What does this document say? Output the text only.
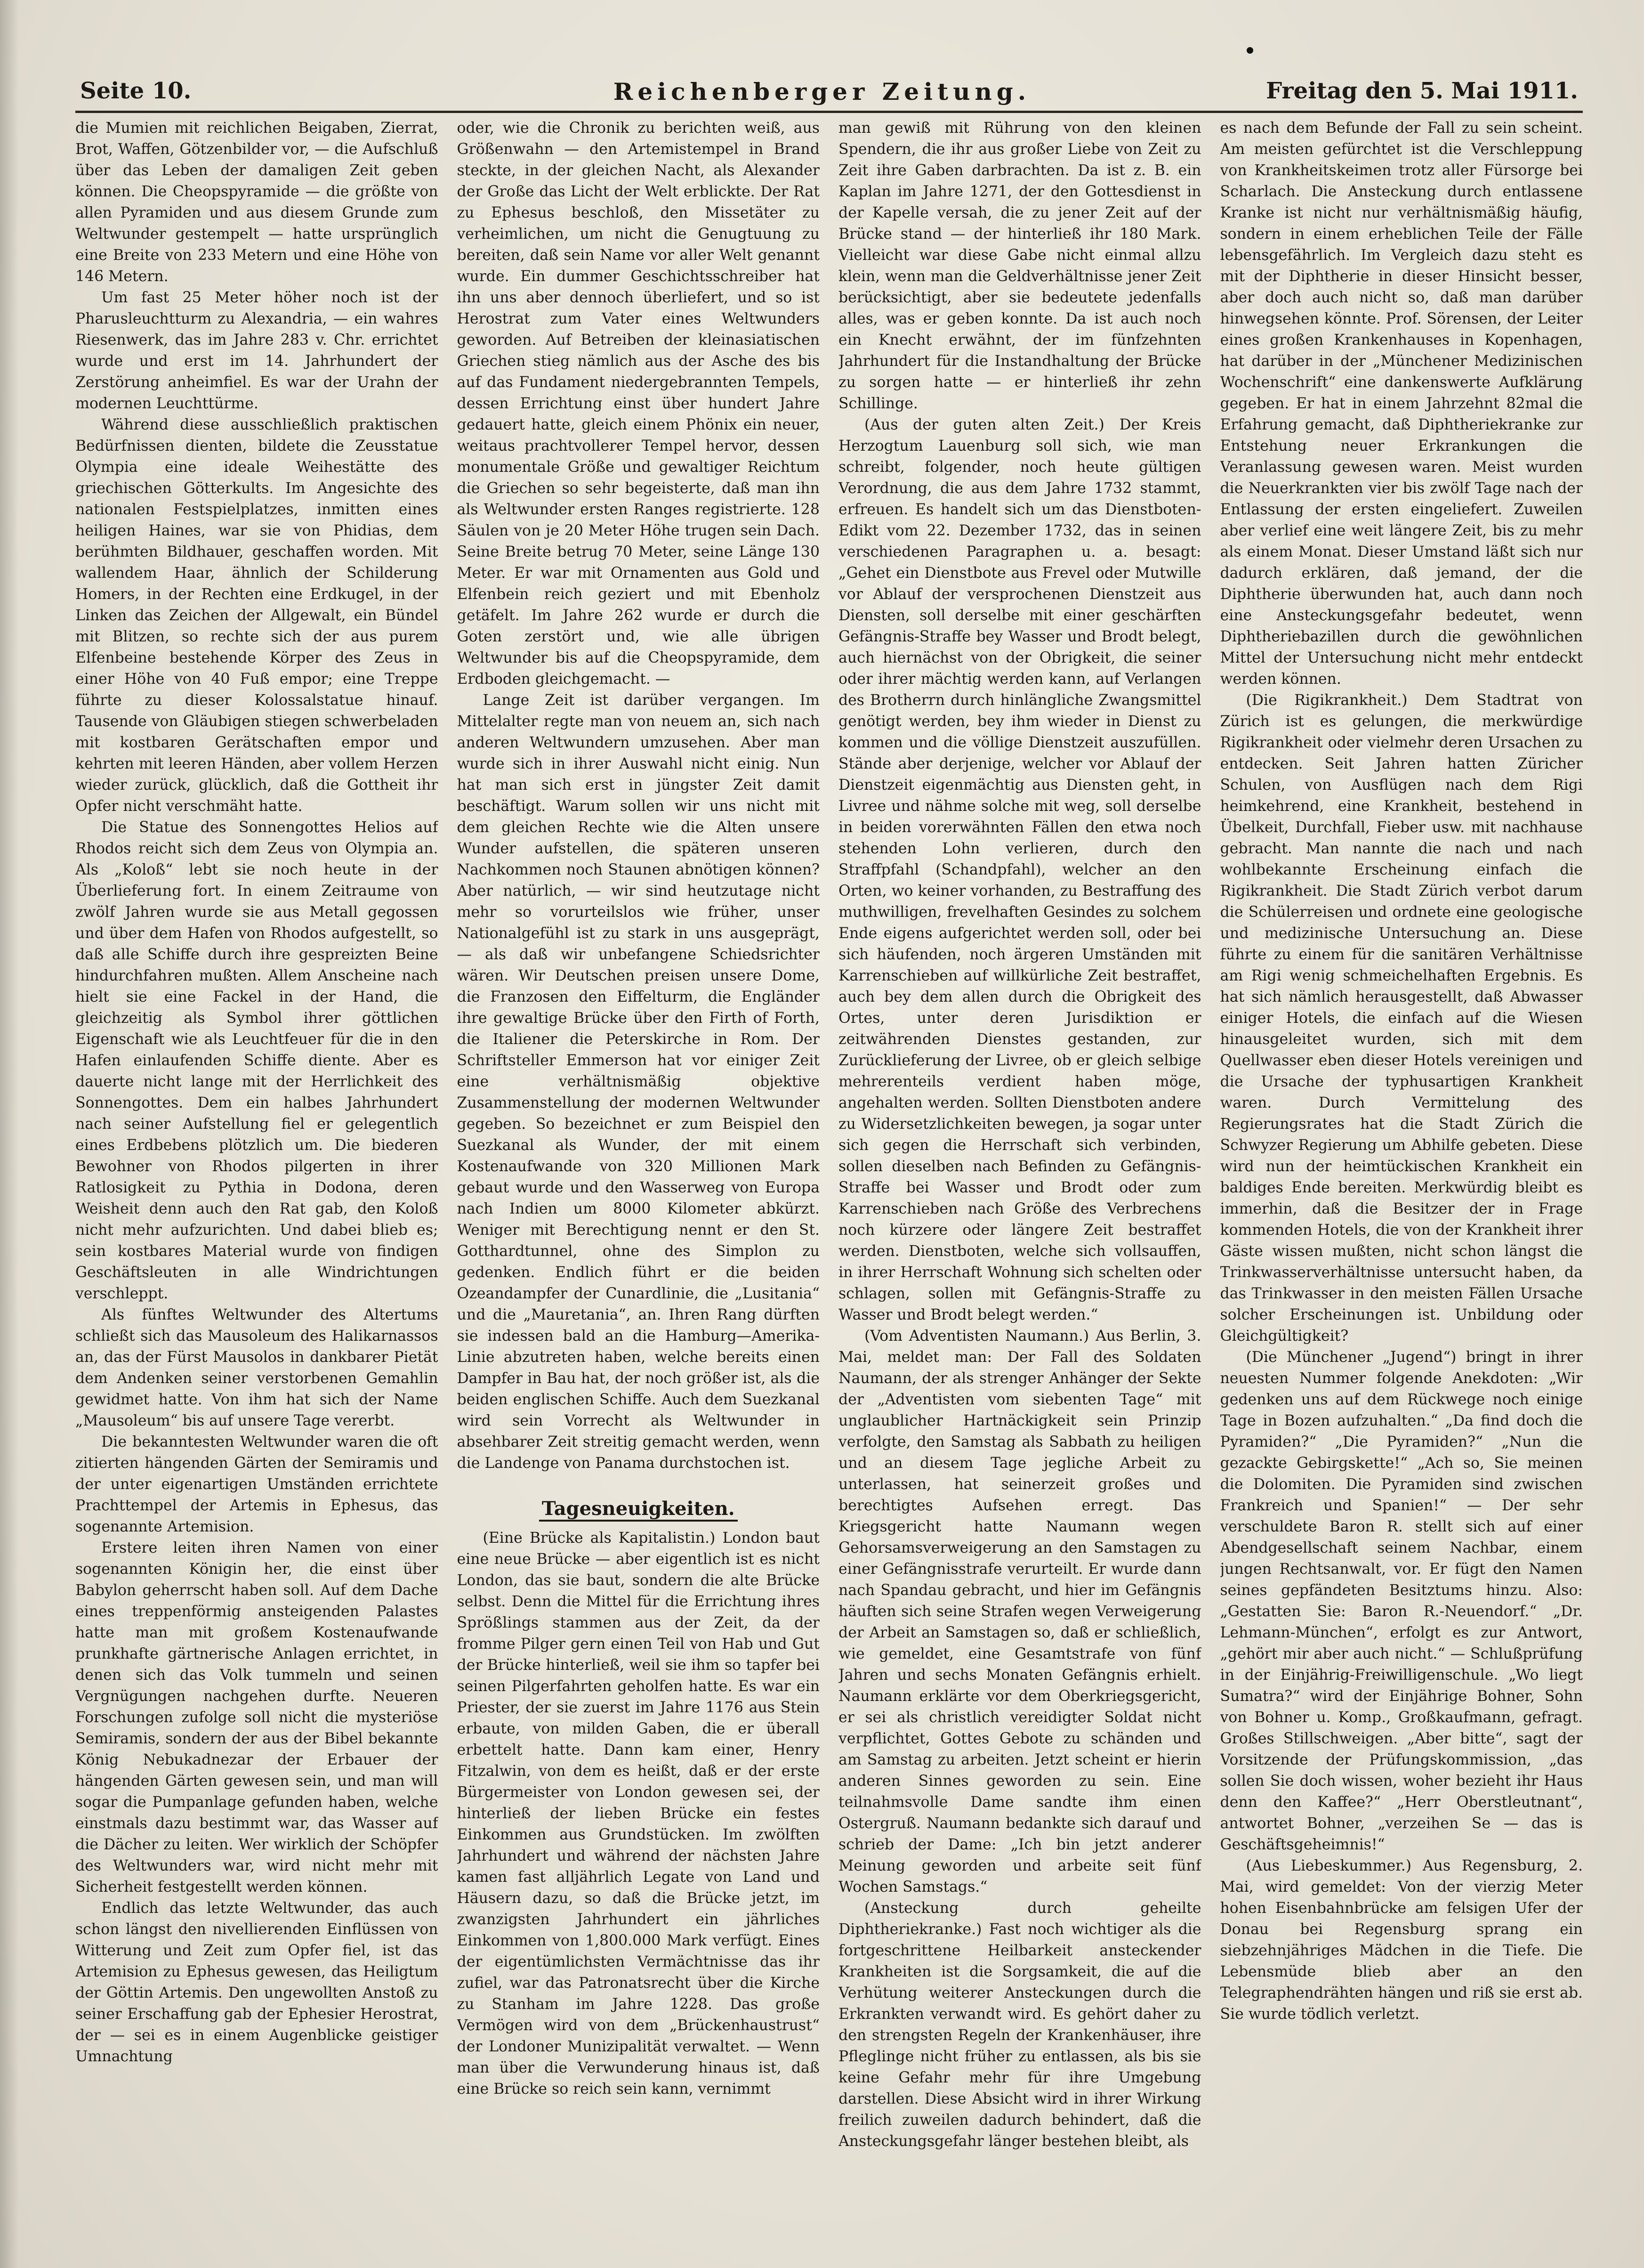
Seite 10.	Reichenberger Zeitung.	Freitag den 5. Mai 1911.

die Mumien mit reichlichen Beigaben, Zierrat, Brot, Waffen, Götzenbilder vor, — die Aufschluß über das Leben der damaligen Zeit geben können. Die Cheopspyramide — die größte von allen Pyramiden und aus diesem Grunde zum Weltwunder gestempelt — hatte ursprünglich eine Breite von 233 Metern und eine Höhe von 146 Metern.

Um fast 25 Meter höher noch ist der Pharusleuchtturm zu Alexandria, — ein wahres Riesenwerk, das im Jahre 283 v. Chr. errichtet wurde und erst im 14. Jahrhundert der Zerstörung anheimfiel. Es war der Urahn der modernen Leuchttürme.

Während diese ausschließlich praktischen Bedürfnissen dienten, bildete die Zeusstatue Olympia eine ideale Weihestätte des griechischen Götterkults. Im Angesichte des nationalen Festspielplatzes, inmitten eines heiligen Haines, war sie von Phidias, dem berühmten Bildhauer, geschaffen worden. Mit wallendem Haar, ähnlich der Schilderung Homers, in der Rechten eine Erdkugel, in der Linken das Zeichen der Allgewalt, ein Bündel mit Blitzen, so rechte sich der aus purem Elfenbeine bestehende Körper des Zeus in einer Höhe von 40 Fuß empor; eine Treppe führte zu dieser Kolossalstatue hinauf. Tausende von Gläubigen stiegen schwerbeladen mit kostbaren Gerätschaften empor und kehrten mit leeren Händen, aber vollem Herzen wieder zurück, glücklich, daß die Gottheit ihr Opfer nicht verschmäht hatte.

Die Statue des Sonnengottes Helios auf Rhodos reicht sich dem Zeus von Olympia an. Als „Koloß“ lebt sie noch heute in der Überlieferung fort. In einem Zeitraume von zwölf Jahren wurde sie aus Metall gegossen und über dem Hafen von Rhodos aufgestellt, so daß alle Schiffe durch ihre gespreizten Beine hindurchfahren mußten. Allem Anscheine nach hielt sie eine Fackel in der Hand, die gleichzeitig als Symbol ihrer göttlichen Eigenschaft wie als Leuchtfeuer für die in den Hafen einlaufenden Schiffe diente. Aber es dauerte nicht lange mit der Herrlichkeit des Sonnengottes. Dem ein halbes Jahrhundert nach seiner Aufstellung fiel er gelegentlich eines Erdbebens plötzlich um. Die biederen Bewohner von Rhodos pilgerten in ihrer Ratlosigkeit zu Pythia in Dodona, deren Weisheit denn auch den Rat gab, den Koloß nicht mehr aufzurichten. Und dabei blieb es; sein kostbares Material wurde von findigen Geschäftsleuten in alle Windrichtungen verschleppt.

Als fünftes Weltwunder des Altertums schließt sich das Mausoleum des Halikarnassos an, das der Fürst Mausolos in dankbarer Pietät dem Andenken seiner verstorbenen Gemahlin gewidmet hatte. Von ihm hat sich der Name „Mausoleum“ bis auf unsere Tage vererbt.

Die bekanntesten Weltwunder waren die oft zitierten hängenden Gärten der Semiramis und der unter eigenartigen Umständen errichtete Prachttempel der Artemis in Ephesus, das sogenannte Artemision.

Erstere leiten ihren Namen von einer sogenannten Königin her, die einst über Babylon geherrscht haben soll. Auf dem Dache eines treppenförmig ansteigenden Palastes hatte man mit großem Kostenaufwande prunkhafte gärtnerische Anlagen errichtet, in denen sich das Volk tummeln und seinen Vergnügungen nachgehen durfte. Neueren Forschungen zufolge soll nicht die mysteriöse Semiramis, sondern der aus der Bibel bekannte König Nebukadnezar der Erbauer der hängenden Gärten gewesen sein, und man will sogar die Pumpanlage gefunden haben, welche einstmals dazu bestimmt war, das Wasser auf die Dächer zu leiten. Wer wirklich der Schöpfer des Weltwunders war, wird nicht mehr mit Sicherheit festgestellt werden können.

Endlich das letzte Weltwunder, das auch schon längst den nivellierenden Einflüssen von Witterung und Zeit zum Opfer fiel, ist das Artemision zu Ephesus gewesen, das Heiligtum der Göttin Artemis. Den ungewollten Anstoß zu seiner Erschaffung gab der Ephesier Herostrat, der — sei es in einem Augenblicke geistiger Umnachtung

oder, wie die Chronik zu berichten weiß, aus Größenwahn — den Artemistempel in Brand steckte, in der gleichen Nacht, als Alexander der Große das Licht der Welt erblickte. Der Rat zu Ephesus beschloß, den Missetäter zu verheimlichen, um nicht die Genugtuung zu bereiten, daß sein Name vor aller Welt genannt wurde. Ein dummer Geschichtsschreiber hat ihn uns aber dennoch überliefert, und so ist Herostrat zum Vater eines Weltwunders geworden. Auf Betreiben der kleinasiatischen Griechen stieg nämlich aus der Asche des bis auf das Fundament niedergebrannten Tempels, dessen Errichtung einst über hundert Jahre gedauert hatte, gleich einem Phönix ein neuer, weitaus prachtvollerer Tempel hervor, dessen monumentale Größe und gewaltiger Reichtum die Griechen so sehr begeisterte, daß man ihn als Weltwunder ersten Ranges registrierte. 128 Säulen von je 20 Meter Höhe trugen sein Dach. Seine Breite betrug 70 Meter, seine Länge 130 Meter. Er war mit Ornamenten aus Gold und Elfenbein reich geziert und mit Ebenholz getäfelt. Im Jahre 262 wurde er durch die Goten zerstört und, wie alle übrigen Weltwunder bis auf die Cheopspyramide, dem Erdboden gleichgemacht. —

Lange Zeit ist darüber vergangen. Im Mittelalter regte man von neuem an, sich nach anderen Weltwundern umzusehen. Aber man wurde sich in ihrer Auswahl nicht einig. Nun hat man sich erst in jüngster Zeit damit beschäftigt. Warum sollen wir uns nicht mit dem gleichen Rechte wie die Alten unsere Wunder aufstellen, die späteren unseren Nachkommen noch Staunen abnötigen können? Aber natürlich, — wir sind heutzutage nicht mehr so vorurteilslos wie früher, unser Nationalgefühl ist zu stark in uns ausgeprägt, — als daß wir unbefangene Schiedsrichter wären. Wir Deutschen preisen unsere Dome, die Franzosen den Eiffelturm, die Engländer ihre gewaltige Brücke über den Firth of Forth, die Italiener die Peterskirche in Rom. Der Schriftsteller Emmerson hat vor einiger Zeit eine verhältnismäßig objektive Zusammenstellung der modernen Weltwunder gegeben. So bezeichnet er zum Beispiel den Suezkanal als Wunder, der mit einem Kostenaufwande von 320 Millionen Mark gebaut wurde und den Wasserweg von Europa nach Indien um 8000 Kilometer abkürzt. Weniger mit Berechtigung nennt er den St. Gotthardtunnel, ohne des Simplon zu gedenken. Endlich führt er die beiden Ozeandampfer der Cunardlinie, die „Lusitania“ und die „Mauretania“, an. Ihren Rang dürften sie indessen bald an die Hamburg—Amerika-Linie abzutreten haben, welche bereits einen Dampfer in Bau hat, der noch größer ist, als die beiden englischen Schiffe. Auch dem Suezkanal wird sein Vorrecht als Weltwunder in absehbarer Zeit streitig gemacht werden, wenn die Landenge von Panama durchstochen ist.

Tagesneuigkeiten.

(Eine Brücke als Kapitalistin.) London baut eine neue Brücke — aber eigentlich ist es nicht London, das sie baut, sondern die alte Brücke selbst. Denn die Mittel für die Errichtung ihres Sprößlings stammen aus der Zeit, da der fromme Pilger gern einen Teil von Hab und Gut der Brücke hinterließ, weil sie ihm so tapfer bei seinen Pilgerfahrten geholfen hatte. Es war ein Priester, der sie zuerst im Jahre 1176 aus Stein erbaute, von milden Gaben, die er überall erbettelt hatte. Dann kam einer, Henry Fitzalwin, von dem es heißt, daß er der erste Bürgermeister von London gewesen sei, der hinterließ der lieben Brücke ein festes Einkommen aus Grundstücken. Im zwölften Jahrhundert und während der nächsten Jahre kamen fast alljährlich Legate von Land und Häusern dazu, so daß die Brücke jetzt, im zwanzigsten Jahrhundert ein jährliches Einkommen von 1,800.000 Mark verfügt. Eines der eigentümlichsten Vermächtnisse das ihr zufiel, war das Patronatsrecht über die Kirche zu Stanham im Jahre 1228. Das große Vermögen wird von dem „Brückenhaustrust“ der Londoner Munizipalität verwaltet. — Wenn man über die Verwunderung hinaus ist, daß eine Brücke so reich sein kann, vernimmt

man gewiß mit Rührung von den kleinen Spendern, die ihr aus großer Liebe von Zeit zu Zeit ihre Gaben darbrachten. Da ist z. B. ein Kaplan im Jahre 1271, der den Gottesdienst in der Kapelle versah, die zu jener Zeit auf der Brücke stand — der hinterließ ihr 180 Mark. Vielleicht war diese Gabe nicht einmal allzu klein, wenn man die Geldverhältnisse jener Zeit berücksichtigt, aber sie bedeutete jedenfalls alles, was er geben konnte. Da ist auch noch ein Knecht erwähnt, der im fünfzehnten Jahrhundert für die Instandhaltung der Brücke zu sorgen hatte — er hinterließ ihr zehn Schillinge.

(Aus der guten alten Zeit.) Der Kreis Herzogtum Lauenburg soll sich, wie man schreibt, folgender, noch heute gültigen Verordnung, die aus dem Jahre 1732 stammt, erfreuen. Es handelt sich um das Dienstboten-Edikt vom 22. Dezember 1732, das in seinen verschiedenen Paragraphen u. a. besagt: „Gehet ein Dienstbote aus Frevel oder Mutwille vor Ablauf der versprochenen Dienstzeit aus Diensten, soll derselbe mit einer geschärften Gefängnis-Straffe bey Wasser und Brodt belegt, auch hiernächst von der Obrigkeit, die seiner oder ihrer mächtig werden kann, auf Verlangen des Brotherrn durch hinlängliche Zwangsmittel genötigt werden, bey ihm wieder in Dienst zu kommen und die völlige Dienstzeit auszufüllen. Stände aber derjenige, welcher vor Ablauf der Dienstzeit eigenmächtig aus Diensten geht, in Livree und nähme solche mit weg, soll derselbe in beiden vorerwähnten Fällen den etwa noch stehenden Lohn verlieren, durch den Straffpfahl (Schandpfahl), welcher an den Orten, wo keiner vorhanden, zu Bestraffung des muthwilligen, frevelhaften Gesindes zu solchem Ende eigens aufgerichtet werden soll, oder bei sich häufenden, noch ärgeren Umständen mit Karrenschieben auf willkürliche Zeit bestraffet, auch bey dem allen durch die Obrigkeit des Ortes, unter deren Jurisdiktion er zeitwährenden Dienstes gestanden, zur Zurücklieferung der Livree, ob er gleich selbige mehrerenteils verdient haben möge, angehalten werden. Sollten Dienstboten andere zu Widersetzlichkeiten bewegen, ja sogar unter sich gegen die Herrschaft sich verbinden, sollen dieselben nach Befinden zu Gefängnis-Straffe bei Wasser und Brodt oder zum Karrenschieben nach Größe des Verbrechens noch kürzere oder längere Zeit bestraffet werden. Dienstboten, welche sich vollsauffen, in ihrer Herrschaft Wohnung sich schelten oder schlagen, sollen mit Gefängnis-Straffe zu Wasser und Brodt belegt werden.“

(Vom Adventisten Naumann.) Aus Berlin, 3. Mai, meldet man: Der Fall des Soldaten Naumann, der als strenger Anhänger der Sekte der „Adventisten vom siebenten Tage“ mit unglaublicher Hartnäckigkeit sein Prinzip verfolgte, den Samstag als Sabbath zu heiligen und an diesem Tage jegliche Arbeit zu unterlassen, hat seinerzeit großes und berechtigtes Aufsehen erregt. Das Kriegsgericht hatte Naumann wegen Gehorsamsverweigerung an den Samstagen zu einer Gefängnisstrafe verurteilt. Er wurde dann nach Spandau gebracht, und hier im Gefängnis häuften sich seine Strafen wegen Verweigerung der Arbeit an Samstagen so, daß er schließlich, wie gemeldet, eine Gesamtstrafe von fünf Jahren und sechs Monaten Gefängnis erhielt. Naumann erklärte vor dem Oberkriegsgericht, er sei als christlich vereidigter Soldat nicht verpflichtet, Gottes Gebote zu schänden und am Samstag zu arbeiten. Jetzt scheint er hierin anderen Sinnes geworden zu sein. Eine teilnahmsvolle Dame sandte ihm einen Ostergruß. Naumann bedankte sich darauf und schrieb der Dame: „Ich bin jetzt anderer Meinung geworden und arbeite seit fünf Wochen Samstags.“

(Ansteckung durch geheilte Diphtheriekranke.) Fast noch wichtiger als die fortgeschrittene Heilbarkeit ansteckender Krankheiten ist die Sorgsamkeit, die auf die Verhütung weiterer Ansteckungen durch die Erkrankten verwandt wird. Es gehört daher zu den strengsten Regeln der Krankenhäuser, ihre Pfleglinge nicht früher zu entlassen, als bis sie keine Gefahr mehr für ihre Umgebung darstellen. Diese Absicht wird in ihrer Wirkung freilich zuweilen dadurch behindert, daß die Ansteckungsgefahr länger bestehen bleibt, als

es nach dem Befunde der Fall zu sein scheint. Am meisten gefürchtet ist die Verschleppung von Krankheitskeimen trotz aller Fürsorge bei Scharlach. Die Ansteckung durch entlassene Kranke ist nicht nur verhältnismäßig häufig, sondern in einem erheblichen Teile der Fälle lebensgefährlich. Im Vergleich dazu steht es mit der Diphtherie in dieser Hinsicht besser, aber doch auch nicht so, daß man darüber hinwegsehen könnte. Prof. Sörensen, der Leiter eines großen Krankenhauses in Kopenhagen, hat darüber in der „Münchener Medizinischen Wochenschrift“ eine dankenswerte Aufklärung gegeben. Er hat in einem Jahrzehnt 82mal die Erfahrung gemacht, daß Diphtheriekranke zur Entstehung neuer Erkrankungen die Veranlassung gewesen waren. Meist wurden die Neuerkrankten vier bis zwölf Tage nach der Entlassung der ersten eingeliefert. Zuweilen aber verlief eine weit längere Zeit, bis zu mehr als einem Monat. Dieser Umstand läßt sich nur dadurch erklären, daß jemand, der die Diphtherie überwunden hat, auch dann noch eine Ansteckungsgefahr bedeutet, wenn Diphtheriebazillen durch die gewöhnlichen Mittel der Untersuchung nicht mehr entdeckt werden können.

(Die Rigikrankheit.) Dem Stadtrat von Zürich ist es gelungen, die merkwürdige Rigikrankheit oder vielmehr deren Ursachen zu entdecken. Seit Jahren hatten Züricher Schulen, von Ausflügen nach dem Rigi heimkehrend, eine Krankheit, bestehend in Übelkeit, Durchfall, Fieber usw. mit nachhause gebracht. Man nannte die nach und nach wohlbekannte Erscheinung einfach die Rigikrankheit. Die Stadt Zürich verbot darum die Schülerreisen und ordnete eine geologische und medizinische Untersuchung an. Diese führte zu einem für die sanitären Verhältnisse am Rigi wenig schmeichelhaften Ergebnis. Es hat sich nämlich herausgestellt, daß Abwasser einiger Hotels, die einfach auf die Wiesen hinausgeleitet wurden, sich mit dem Quellwasser eben dieser Hotels vereinigen und die Ursache der typhusartigen Krankheit waren. Durch Vermittelung des Regierungsrates hat die Stadt Zürich die Schwyzer Regierung um Abhilfe gebeten. Diese wird nun der heimtückischen Krankheit ein baldiges Ende bereiten. Merkwürdig bleibt es immerhin, daß die Besitzer der in Frage kommenden Hotels, die von der Krankheit ihrer Gäste wissen mußten, nicht schon längst die Trinkwasserverhältnisse untersucht haben, da das Trinkwasser in den meisten Fällen Ursache solcher Erscheinungen ist. Unbildung oder Gleichgültigkeit?

(Die Münchener „Jugend“) bringt in ihrer neuesten Nummer folgende Anekdoten: „Wir gedenken uns auf dem Rückwege noch einige Tage in Bozen aufzuhalten.“ „Da find doch die Pyramiden?“ „Die Pyramiden?“ „Nun die gezackte Gebirgskette!“ „Ach so, Sie meinen die Dolomiten. Die Pyramiden sind zwischen Frankreich und Spanien!“ — Der sehr verschuldete Baron R. stellt sich auf einer Abendgesellschaft seinem Nachbar, einem jungen Rechtsanwalt, vor. Er fügt den Namen seines gepfändeten Besitztums hinzu. Also: „Gestatten Sie: Baron R.-Neuendorf.“ „Dr. Lehmann-München“, erfolgt es zur Antwort, „gehört mir aber auch nicht.“ — Schlußprüfung in der Einjährig-Freiwilligenschule. „Wo liegt Sumatra?“ wird der Einjährige Bohner, Sohn von Bohner u. Komp., Großkaufmann, gefragt. Großes Stillschweigen. „Aber bitte“, sagt der Vorsitzende der Prüfungskommission, „das sollen Sie doch wissen, woher bezieht ihr Haus denn den Kaffee?“ „Herr Oberstleutnant“, antwortet Bohner, „verzeihen Se — das is Geschäftsgeheimnis!“

(Aus Liebeskummer.) Aus Regensburg, 2. Mai, wird gemeldet: Von der vierzig Meter hohen Eisenbahnbrücke am felsigen Ufer der Donau bei Regensburg sprang ein siebzehnjähriges Mädchen in die Tiefe. Die Lebensmüde blieb aber an den Telegraphendrähten hängen und riß sie erst ab. Sie wurde tödlich verletzt.
